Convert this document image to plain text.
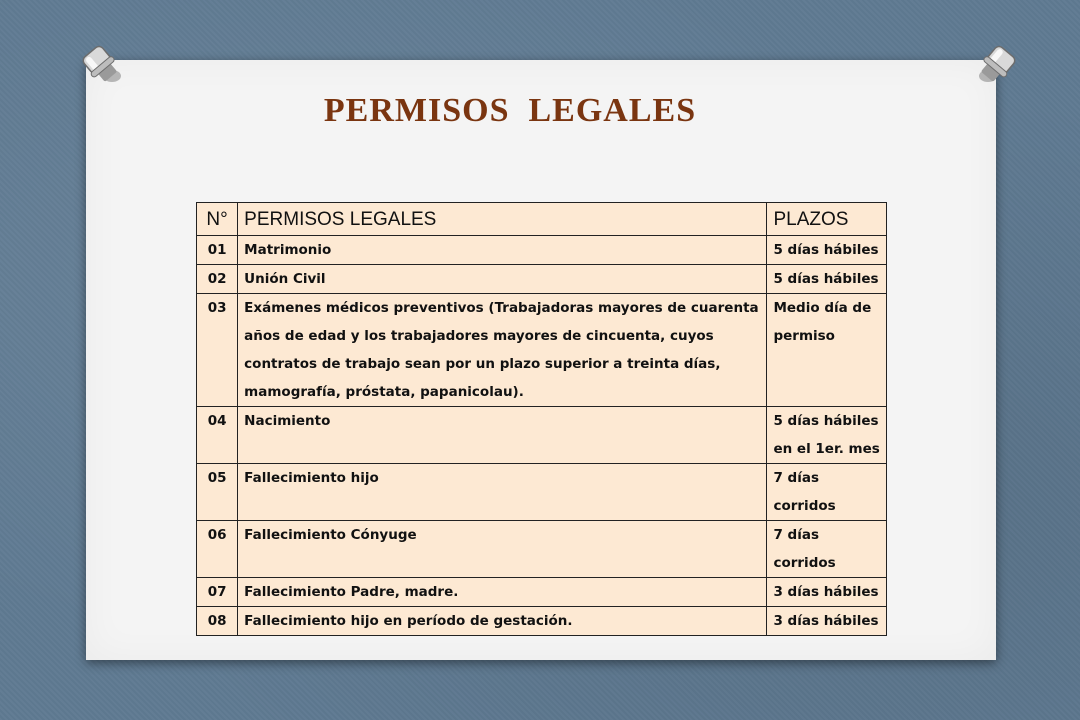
PERMISOS  LEGALES
N°	PERMISOS LEGALES	PLAZOS
01	Matrimonio	5 días hábiles
02	Unión Civil	5 días hábiles
03	Exámenes médicos preventivos (Trabajadoras mayores de cuarenta años de edad y los trabajadores mayores de cincuenta, cuyos contratos de trabajo sean por un plazo superior a treinta días, mamografía, próstata, papanicolau).	Medio día de permiso
04	Nacimiento	5 días hábiles en el 1er. mes
05	Fallecimiento hijo	7 días corridos
06	Fallecimiento Cónyuge	7 días corridos
07	Fallecimiento Padre, madre.	3 días hábiles
08	Fallecimiento hijo en período de gestación.	3 días hábiles
